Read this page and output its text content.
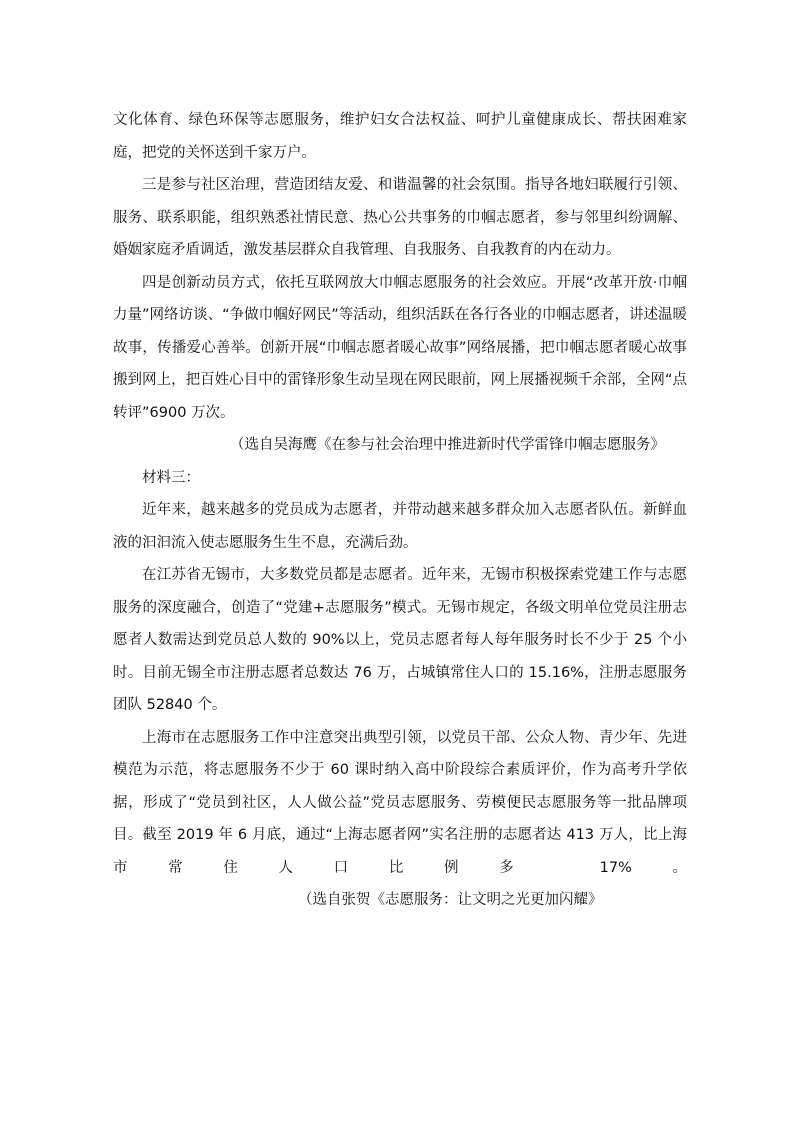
文化体育、绿色环保等志愿服务，维护妇女合法权益、呵护儿童健康成长、帮扶困难家庭，把党的关怀送到千家万户。

三是参与社区治理，营造团结友爱、和谐温馨的社会氛围。指导各地妇联履行引领、服务、联系职能，组织熟悉社情民意、热心公共事务的巾帼志愿者，参与邻里纠纷调解、婚姻家庭矛盾调适，激发基层群众自我管理、自我服务、自我教育的内在动力。

四是创新动员方式，依托互联网放大巾帼志愿服务的社会效应。开展“改革开放·巾帼力量”网络访谈、“争做巾帼好网民”等活动，组织活跃在各行各业的巾帼志愿者，讲述温暖故事，传播爱心善举。创新开展“巾帼志愿者暖心故事”网络展播，把巾帼志愿者暖心故事搬到网上，把百姓心目中的雷锋形象生动呈现在网民眼前，网上展播视频千余部，全网“点转评”6900 万次。

（选自吴海鹰《在参与社会治理中推进新时代学雷锋巾帼志愿服务》

材料三：

近年来，越来越多的党员成为志愿者，并带动越来越多群众加入志愿者队伍。新鲜血液的汩汩流入使志愿服务生生不息，充满后劲。

在江苏省无锡市，大多数党员都是志愿者。近年来，无锡市积极探索党建工作与志愿服务的深度融合，创造了“党建+志愿服务”模式。无锡市规定，各级文明单位党员注册志愿者人数需达到党员总人数的 90%以上，党员志愿者每人每年服务时长不少于 25 个小时。目前无锡全市注册志愿者总数达 76 万，占城镇常住人口的 15.16%，注册志愿服务团队 52840 个。

上海市在志愿服务工作中注意突出典型引领，以党员干部、公众人物、青少年、先进模范为示范，将志愿服务不少于 60 课时纳入高中阶段综合素质评价，作为高考升学依据，形成了“党员到社区，人人做公益”党员志愿服务、劳模便民志愿服务等一批品牌项目。截至 2019 年 6 月底，通过“上海志愿者网”实名注册的志愿者达 413 万人，比上海市常住人口比例多 17%。（选自张贺《志愿服务：让文明之光更加闪耀》
